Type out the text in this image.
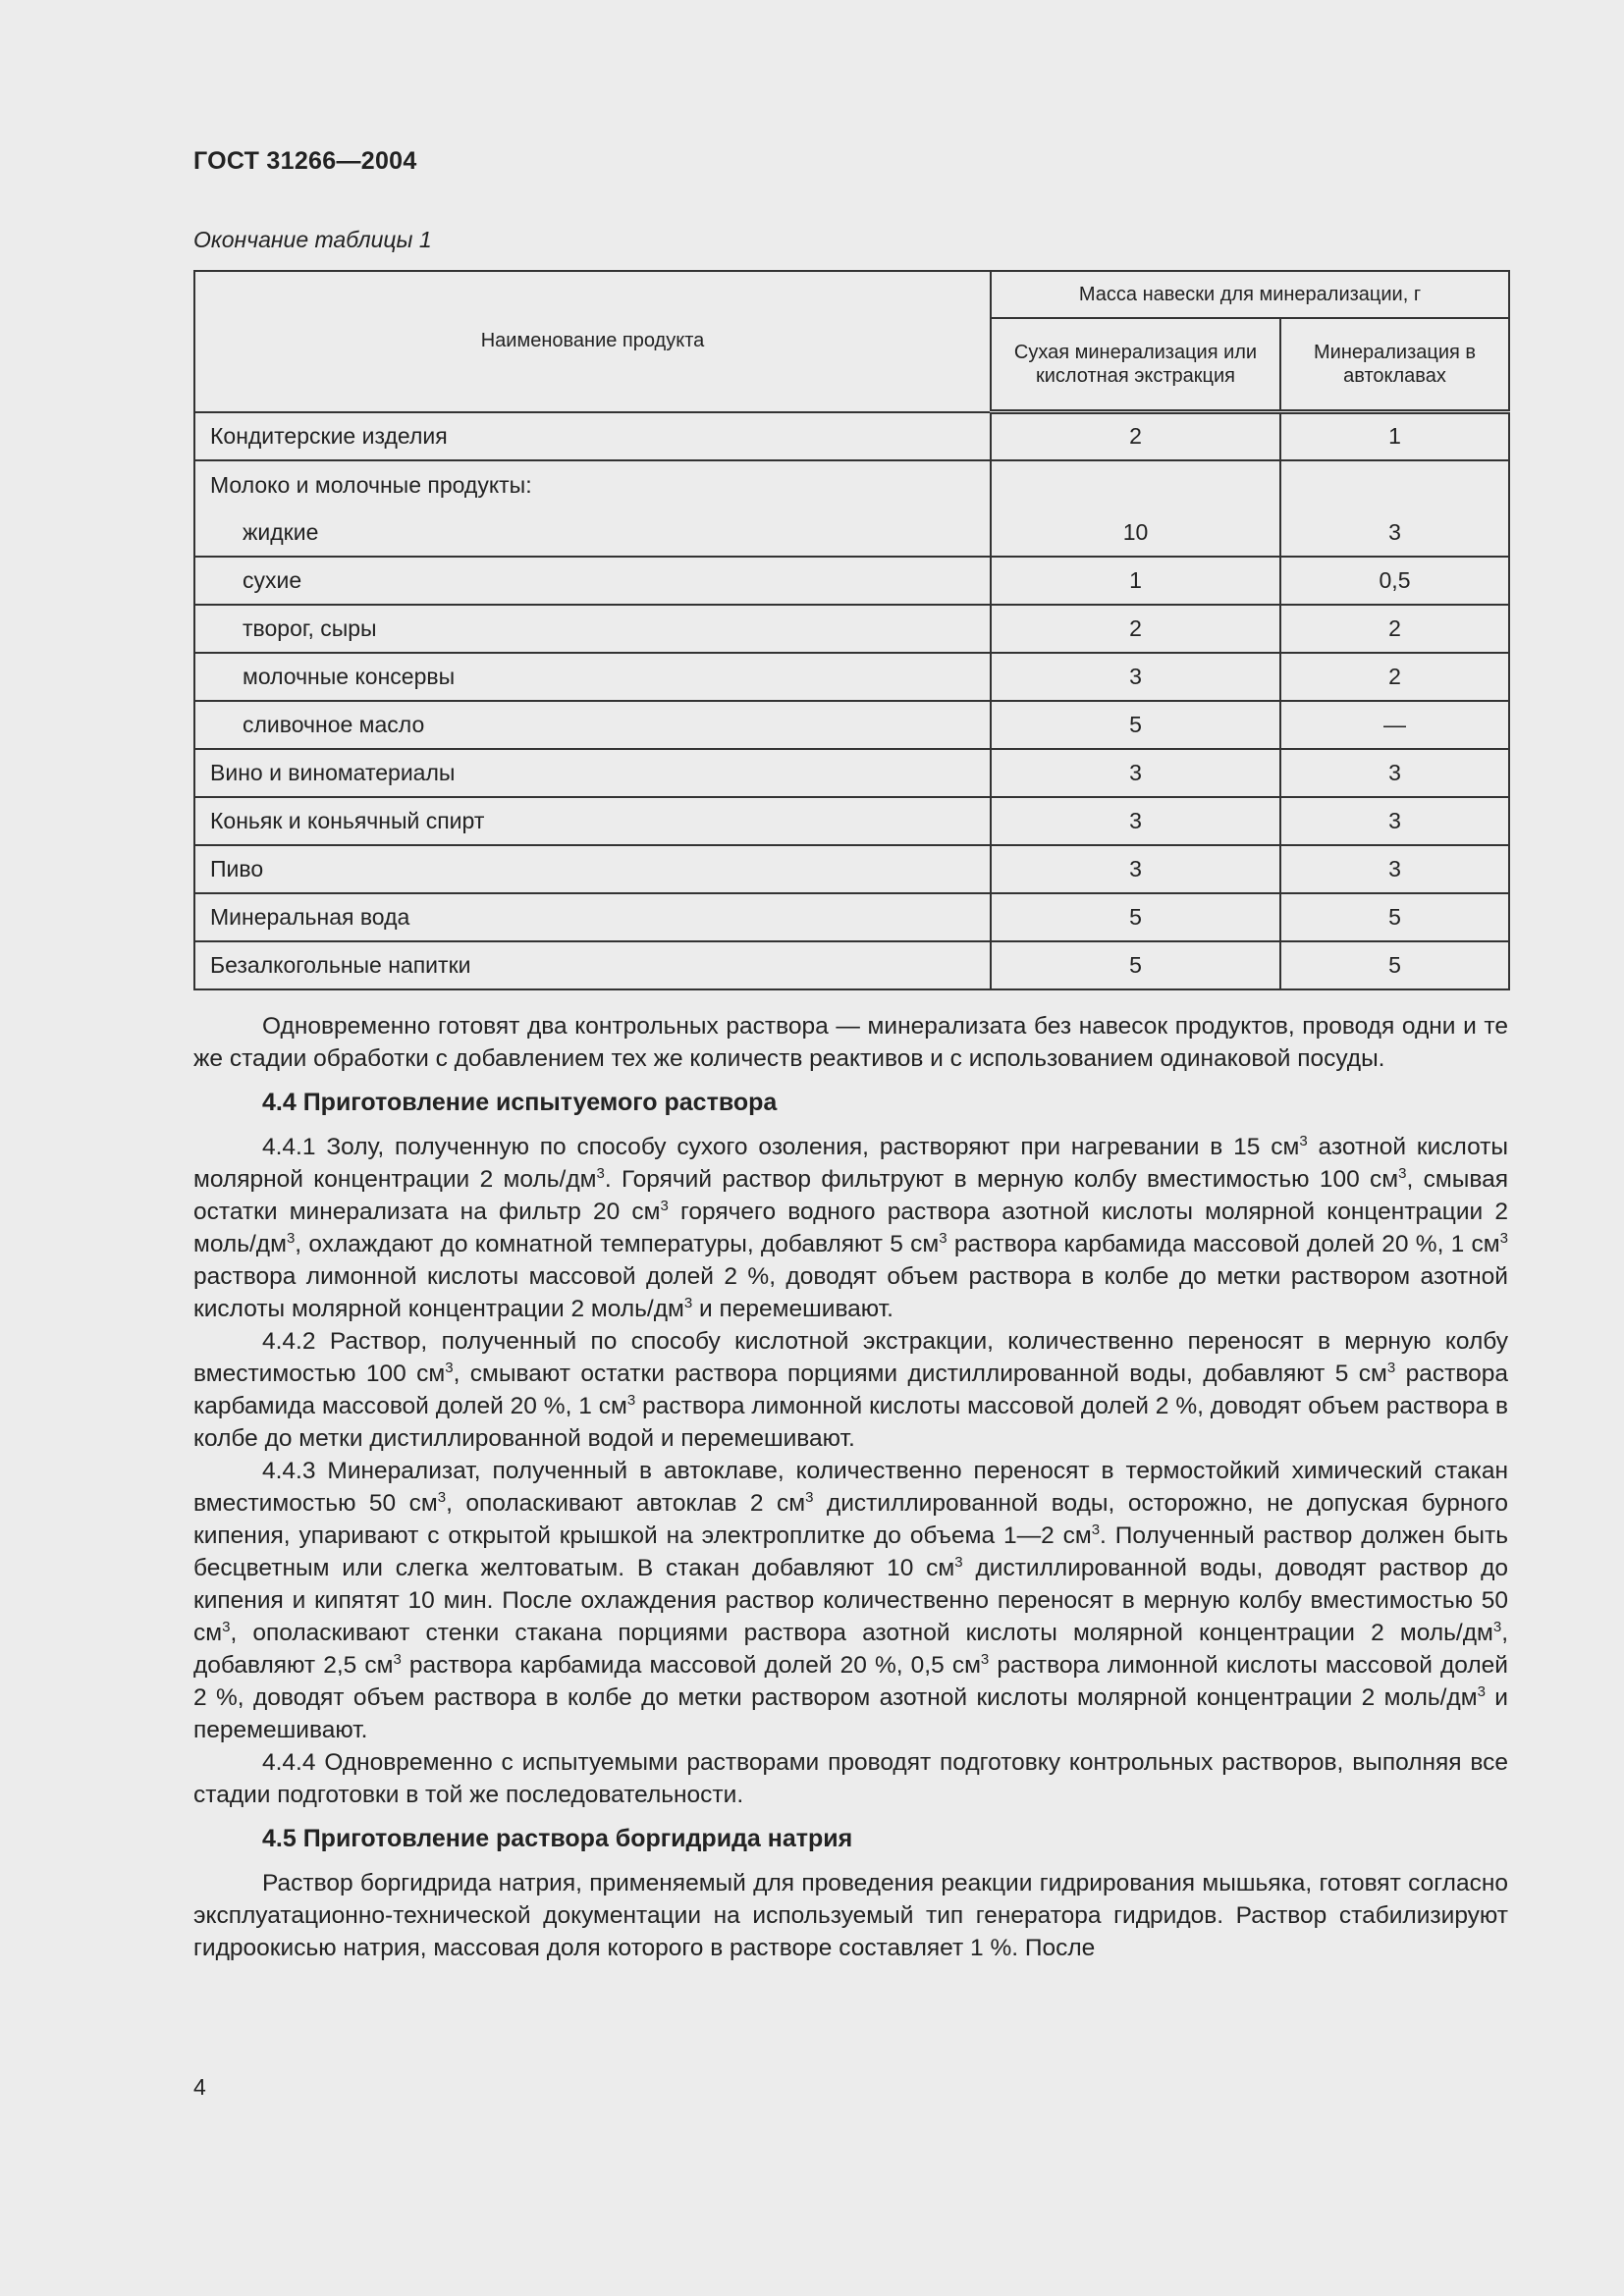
ГОСТ 31266—2004
Окончание таблицы 1
Наименование продукта	Масса навески для минерализации, г	
	Сухая минерализация или кислотная экстракция	Минерализация в автоклавах
Кондитерские изделия	2	1

Молоко и молочные продукты:
жидкие	10	3

сухие	1	0,5
творог, сыры	2	2
молочные консервы	3	2
сливочное масло	5	—
Вино и виноматериалы	3	3
Коньяк и коньячный спирт	3	3
Пиво	3	3
Минеральная вода	5	5
Безалкогольные напитки	5	5

Одновременно готовят два контрольных раствора — минерализата без навесок продуктов, проводя одни и те же стадии обработки с добавлением тех же количеств реактивов и с использованием одинаковой посуды.

4.4 Приготовление испытуемого раствора

4.4.1 Золу, полученную по способу сухого озоления, растворяют при нагревании в 15 $см^3$ азотной кислоты молярной концентрации 2 моль/$дм^3$. Горячий раствор фильтруют в мерную колбу вместимостью 100 $см^3$, смывая остатки минерализата на фильтр 20 $см^3$ горячего водного раствора азотной кислоты молярной концентрации 2 моль/$дм^3$, охлаждают до комнатной температуры, добавляют 5 $см^3$ раствора карбамида массовой долей 20 %, 1 $см^3$ раствора лимонной кислоты массовой долей 2 %, доводят объем раствора в колбе до метки раствором азотной кислоты молярной концентрации 2 моль/$дм^3$ и перемешивают.

4.4.2 Раствор, полученный по способу кислотной экстракции, количественно переносят в мерную колбу вместимостью 100 $см^3$, смывают остатки раствора порциями дистиллированной воды, добавляют 5 $см^3$ раствора карбамида массовой долей 20 %, 1 $см^3$ раствора лимонной кислоты массовой долей 2 %, доводят объем раствора в колбе до метки дистиллированной водой и перемешивают.

4.4.3 Минерализат, полученный в автоклаве, количественно переносят в термостойкий химический стакан вместимостью 50 $см^3$, ополаскивают автоклав 2 $см^3$ дистиллированной воды, осторожно, не допуская бурного кипения, упаривают с открытой крышкой на электроплитке до объема 1—2 $см^3$. Полученный раствор должен быть бесцветным или слегка желтоватым. В стакан добавляют 10 $см^3$ дистиллированной воды, доводят раствор до кипения и кипятят 10 мин. После охлаждения раствор количественно переносят в мерную колбу вместимостью 50 $см^3$, ополаскивают стенки стакана порциями раствора азотной кислоты молярной концентрации 2 моль/$дм^3$, добавляют 2,5 $см^3$ раствора карбамида массовой долей 20 %, 0,5 $см^3$ раствора лимонной кислоты массовой долей 2 %, доводят объем раствора в колбе до метки раствором азотной кислоты молярной концентрации 2 моль/$дм^3$ и перемешивают.

4.4.4 Одновременно с испытуемыми растворами проводят подготовку контрольных растворов, выполняя все стадии подготовки в той же последовательности.

4.5 Приготовление раствора боргидрида натрия

Раствор боргидрида натрия, применяемый для проведения реакции гидрирования мышьяка, готовят согласно эксплуатационно-технической документации на используемый тип генератора гидридов. Раствор стабилизируют гидроокисью натрия, массовая доля которого в растворе составляет 1 %. После

4
